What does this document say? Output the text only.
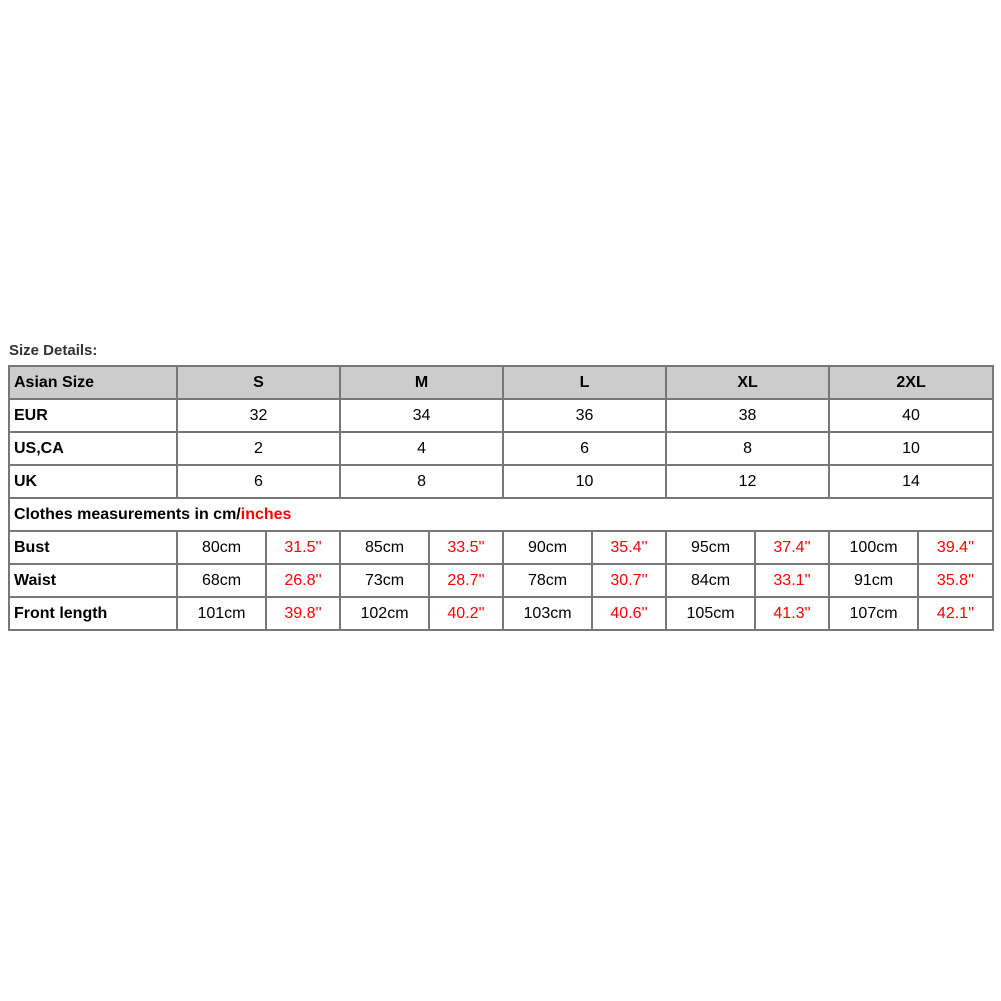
Size Details:
Asian Size	S		M		L		XL		2XL	
EUR	32		34		36		38		40	
US,CA	2		4		6		8		10	
UK	6		8		10		12		14	
Clothes measurements in cm/inches										
Bust	80cm	31.5''	85cm	33.5''	90cm	35.4''	95cm	37.4''	100cm	39.4''
Waist	68cm	26.8''	73cm	28.7''	78cm	30.7''	84cm	33.1''	91cm	35.8''
Front length	101cm	39.8''	102cm	40.2''	103cm	40.6''	105cm	41.3''	107cm	42.1''
